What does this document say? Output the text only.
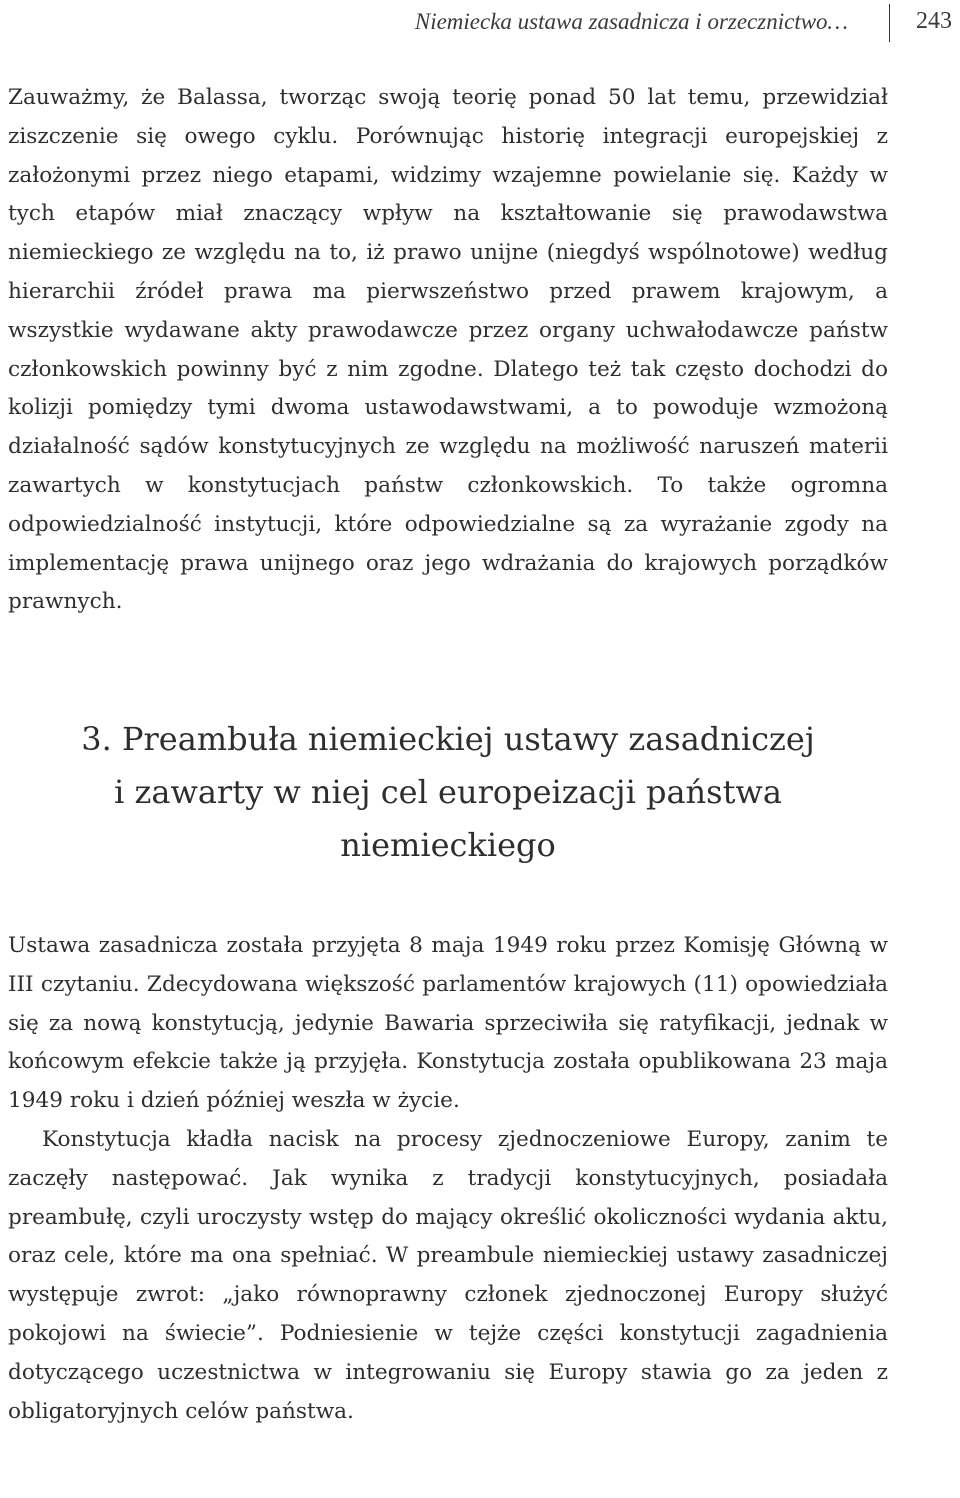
Niemiecka ustawa zasadnicza i orzecznictwo…	243

Zauważmy, że Balassa, tworząc swoją teorię ponad 50 lat temu, przewidział ziszczenie się owego cyklu. Porównując historię integracji europejskiej z założonymi przez niego etapami, widzimy wzajemne powielanie się. Każdy w tych etapów miał znaczący wpływ na kształtowanie się prawodawstwa niemieckiego ze względu na to, iż prawo unijne (niegdyś wspólnotowe) według hierarchii źródeł prawa ma pierwszeństwo przed prawem krajowym, a wszystkie wydawane akty prawodawcze przez organy uchwałodawcze państw członkowskich powinny być z nim zgodne. Dlatego też tak często dochodzi do kolizji pomiędzy tymi dwoma ustawodawstwami, a to powoduje wzmożoną działalność sądów konstytucyjnych ze względu na możliwość naruszeń materii zawartych w konstytucjach państw członkowskich. To także ogromna odpowiedzialność instytucji, które odpowiedzialne są za wyrażanie zgody na implementację prawa unijnego oraz jego wdrażania do krajowych porządków prawnych.

3. Preambuła niemieckiej ustawy zasadniczej
i zawarty w niej cel europeizacji państwa
niemieckiego

Ustawa zasadnicza została przyjęta 8 maja 1949 roku przez Komisję Główną w III czytaniu. Zdecydowana większość parlamentów krajowych (11) opowiedziała się za nową konstytucją, jedynie Bawaria sprzeciwiła się ratyfikacji, jednak w końcowym efekcie także ją przyjęła. Konstytucja została opublikowana 23 maja 1949 roku i dzień później weszła w życie.

Konstytucja kładła nacisk na procesy zjednoczeniowe Europy, zanim te zaczęły następować. Jak wynika z tradycji konstytucyjnych, posiadała preambułę, czyli uroczysty wstęp do mający określić okoliczności wydania aktu, oraz cele, które ma ona spełniać. W preambule niemieckiej ustawy zasadniczej występuje zwrot: „jako równoprawny członek zjednoczonej Europy służyć pokojowi na świecie”. Podniesienie w tejże części konstytucji zagadnienia dotyczącego uczestnictwa w integrowaniu się Europy stawia go za jeden z obligatoryjnych celów państwa.
